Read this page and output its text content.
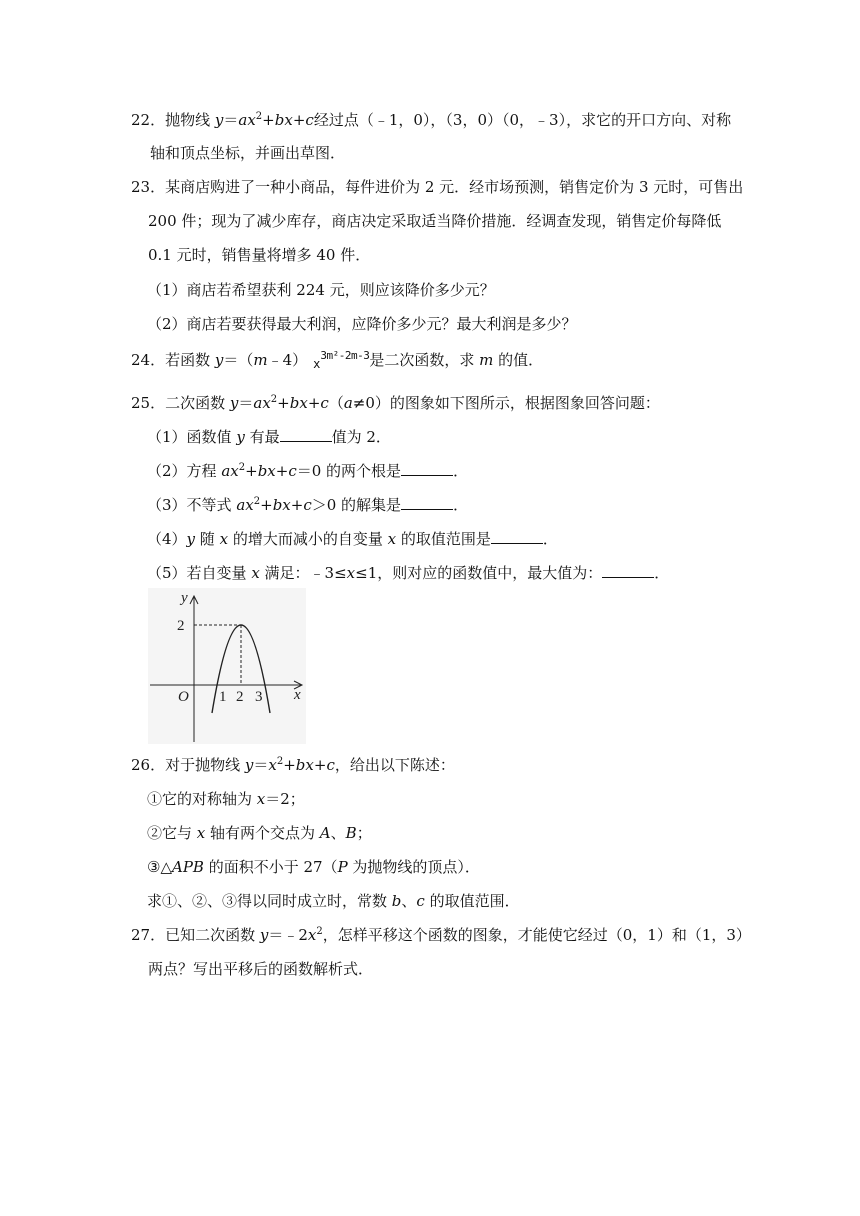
22．抛物线 $y=ax^2+bx+c$经过点（﹣1，0），（3，0）（0，﹣3），求它的开口方向、对称
轴和顶点坐标，并画出草图．
23．某商店购进了一种小商品，每件进价为 2 元．经市场预测，销售定价为 3 元时，可售出
200 件；现为了减少库存，商店决定采取适当降价措施．经调查发现，销售定价每降低
0.1 元时，销售量将增多 40 件．
（1）商店若希望获利 224 元，则应该降价多少元？
（2）商店若要获得最大利润，应降价多少元？最大利润是多少？
24．若函数 y＝（m﹣4） $_x^{3m^2-2m-3}$是二次函数，求 m 的值．
25．二次函数 $y=ax^2+bx+c(a\ne 0)$的图象如下图所示，根据图象回答问题：
（1）函数值 y 有最	值为 2．
（2）方程 $ax^2+bx+c=0$ 的两个根是	．
（3）不等式 $ax^2+bx+c>0$ 的解集是	．
（4）y 随 x 的增大而减小的自变量 x 的取值范围是	．
（5）若自变量 x 满足：﹣3≤x≤1，则对应的函数值中，最大值为：	．
y
x
O
2
1 2 3
26．对于抛物线 $y=x^2+bx+c$，给出以下陈述：
①它的对称轴为 x＝2；
②它与 x 轴有两个交点为 A、B；
③△APB 的面积不小于 27（P 为抛物线的顶点）．
求①、②、③得以同时成立时，常数 b、c 的取值范围．
27．已知二次函数 $y=﹣2x^2$，怎样平移这个函数的图象，才能使它经过（0，1）和（1，3）
两点？写出平移后的函数解析式．
